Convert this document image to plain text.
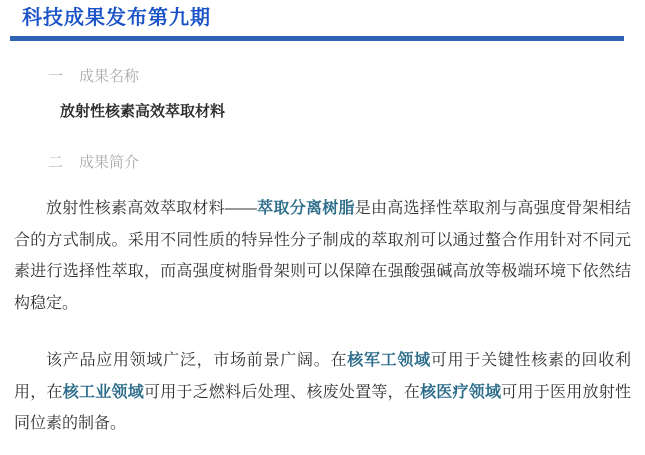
科技成果发布第九期
一 成果名称

放射性核素高效萃取材料

二 成果简介

放射性核素高效萃取材料——萃取分离树脂是由高选择性萃取剂与高强度骨架相结合的方式制成。采用不同性质的特异性分子制成的萃取剂可以通过螯合作用针对不同元素进行选择性萃取，而高强度树脂骨架则可以保障在强酸强碱高放等极端环境下依然结构稳定。

该产品应用领域广泛，市场前景广阔。在核军工领域可用于关键性核素的回收利用，在核工业领域可用于乏燃料后处理、核废处置等，在核医疗领域可用于医用放射性同位素的制备。
